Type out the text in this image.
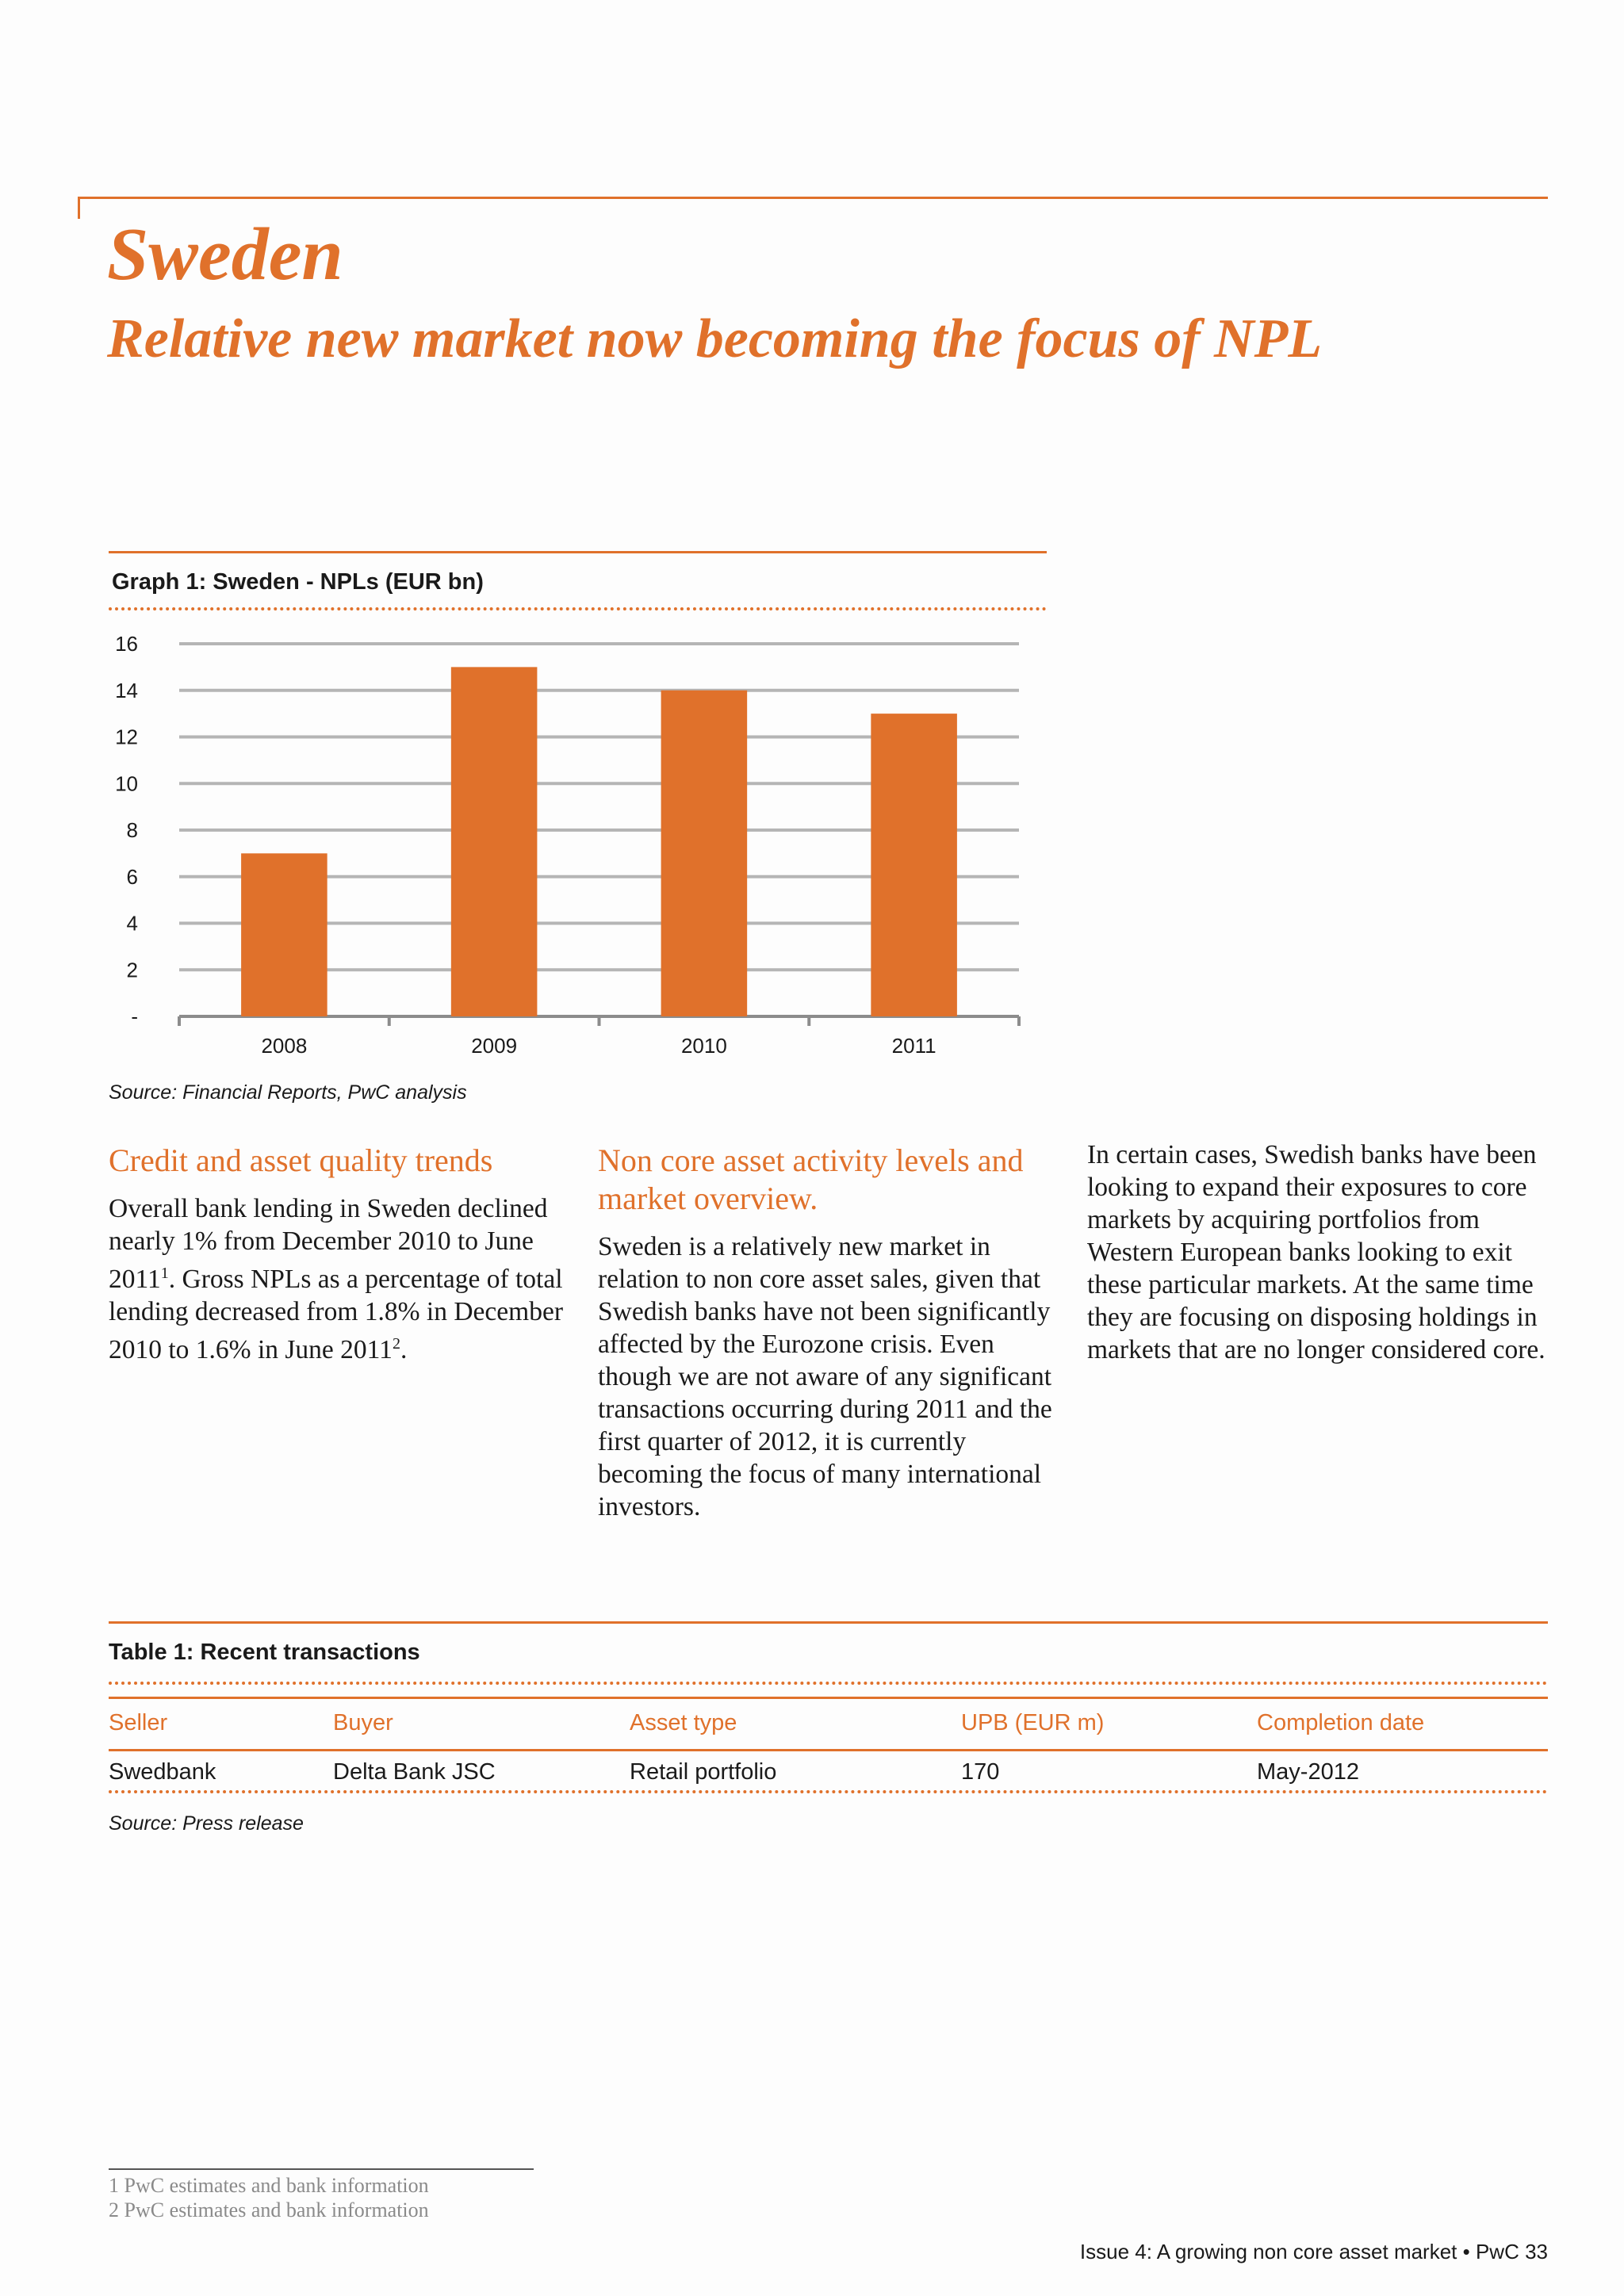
Sweden
Relative new market now becoming the focus of NPL
Graph 1: Sweden - NPLs (EUR bn)
-
2
4
6
8
10
12
14
16
2008	2009	2010	2011
Source: Financial Reports, PwC analysis
Credit and asset quality trends

Overall bank lending in Sweden declined nearly 1% from December 2010 to June 2011$^1$. Gross NPLs as a percentage of total lending decreased from 1.8% in December 2010 to 1.6% in June 2011$^2$.

Non core asset activity levels and market overview.

Sweden is a relatively new market in relation to non core asset sales, given that Swedish banks have not been significantly affected by the Eurozone crisis. Even though we are not aware of any significant transactions occurring during 2011 and the first quarter of 2012, it is currently becoming the focus of many international investors.

In certain cases, Swedish banks have been looking to expand their exposures to core markets by acquiring portfolios from Western European banks looking to exit these particular markets. At the same time they are focusing on disposing holdings in markets that are no longer considered core.

Table 1: Recent transactions
Seller	Buyer	Asset type	UPB (EUR m)	Completion date
Swedbank	Delta Bank JSC	Retail portfolio	170	May-2012
Source: Press release
1 PwC estimates and bank information
2 PwC estimates and bank information
Issue 4: A growing non core asset market • PwC 33
